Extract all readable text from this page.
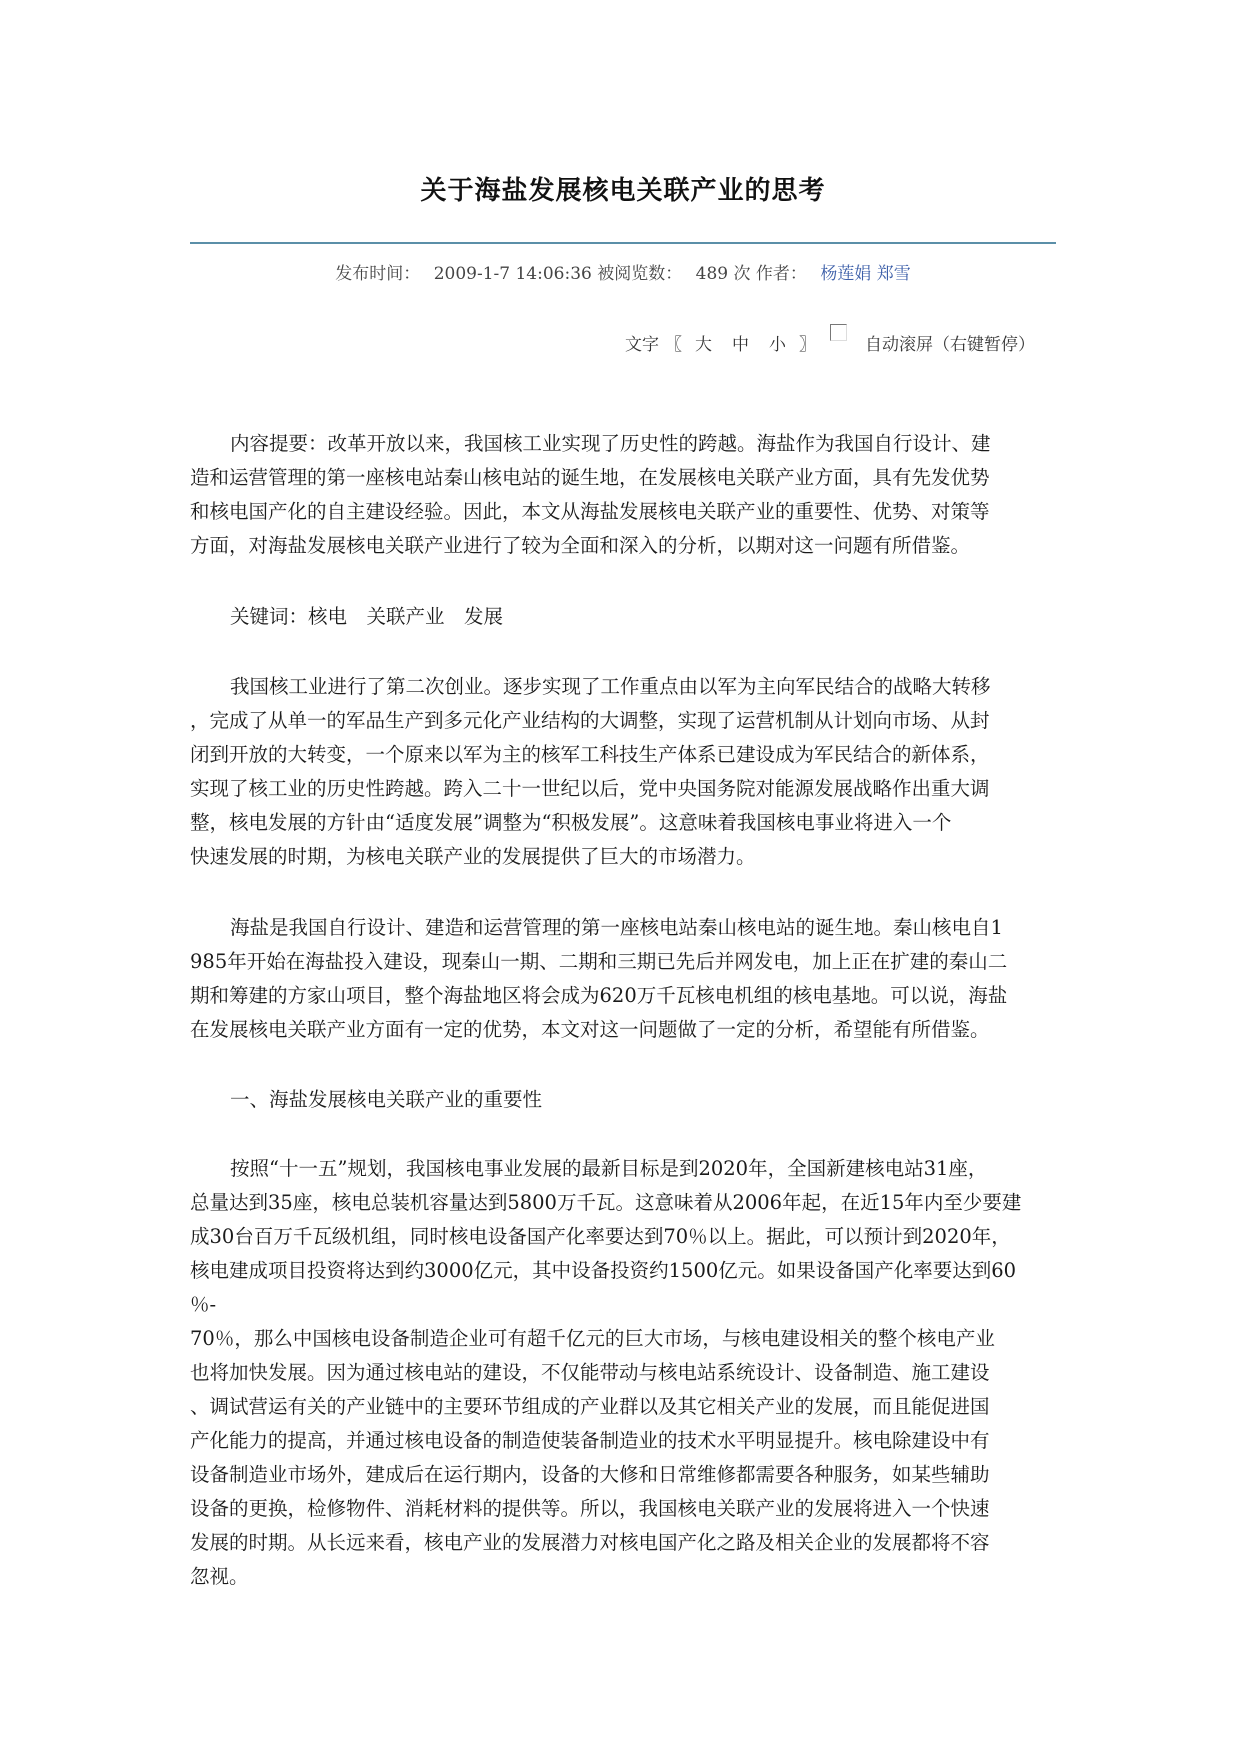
关于海盐发展核电关联产业的思考
发布时间： 2009-1-7 14:06:36 被阅览数： 489 次 作者： 杨莲娟 郑雪
文字 〖 大 中 小 〗	自动滚屏（右键暂停）
内容提要：改革开放以来，我国核工业实现了历史性的跨越。海盐作为我国自行设计、建
造和运营管理的第一座核电站秦山核电站的诞生地，在发展核电关联产业方面，具有先发优势
和核电国产化的自主建设经验。因此，本文从海盐发展核电关联产业的重要性、优势、对策等
方面，对海盐发展核电关联产业进行了较为全面和深入的分析，以期对这一问题有所借鉴。
关键词：核电　关联产业　发展
我国核工业进行了第二次创业。逐步实现了工作重点由以军为主向军民结合的战略大转移
，完成了从单一的军品生产到多元化产业结构的大调整，实现了运营机制从计划向市场、从封
闭到开放的大转变，一个原来以军为主的核军工科技生产体系已建设成为军民结合的新体系，
实现了核工业的历史性跨越。跨入二十一世纪以后，党中央国务院对能源发展战略作出重大调
整，核电发展的方针由“适度发展”调整为“积极发展”。这意味着我国核电事业将进入一个
快速发展的时期，为核电关联产业的发展提供了巨大的市场潜力。
海盐是我国自行设计、建造和运营管理的第一座核电站秦山核电站的诞生地。秦山核电自1
985年开始在海盐投入建设，现秦山一期、二期和三期已先后并网发电，加上正在扩建的秦山二
期和筹建的方家山项目，整个海盐地区将会成为620万千瓦核电机组的核电基地。可以说，海盐
在发展核电关联产业方面有一定的优势，本文对这一问题做了一定的分析，希望能有所借鉴。
一、海盐发展核电关联产业的重要性
按照“十一五”规划，我国核电事业发展的最新目标是到2020年，全国新建核电站31座，
总量达到35座，核电总装机容量达到5800万千瓦。这意味着从2006年起，在近15年内至少要建
成30台百万千瓦级机组，同时核电设备国产化率要达到70％以上。据此，可以预计到2020年，
核电建成项目投资将达到约3000亿元，其中设备投资约1500亿元。如果设备国产化率要达到60
％-
70％，那么中国核电设备制造企业可有超千亿元的巨大市场，与核电建设相关的整个核电产业
也将加快发展。因为通过核电站的建设，不仅能带动与核电站系统设计、设备制造、施工建设
、调试营运有关的产业链中的主要环节组成的产业群以及其它相关产业的发展，而且能促进国
产化能力的提高，并通过核电设备的制造使装备制造业的技术水平明显提升。核电除建设中有
设备制造业市场外，建成后在运行期内，设备的大修和日常维修都需要各种服务，如某些辅助
设备的更换，检修物件、消耗材料的提供等。所以，我国核电关联产业的发展将进入一个快速
发展的时期。从长远来看，核电产业的发展潜力对核电国产化之路及相关企业的发展都将不容
忽视。
